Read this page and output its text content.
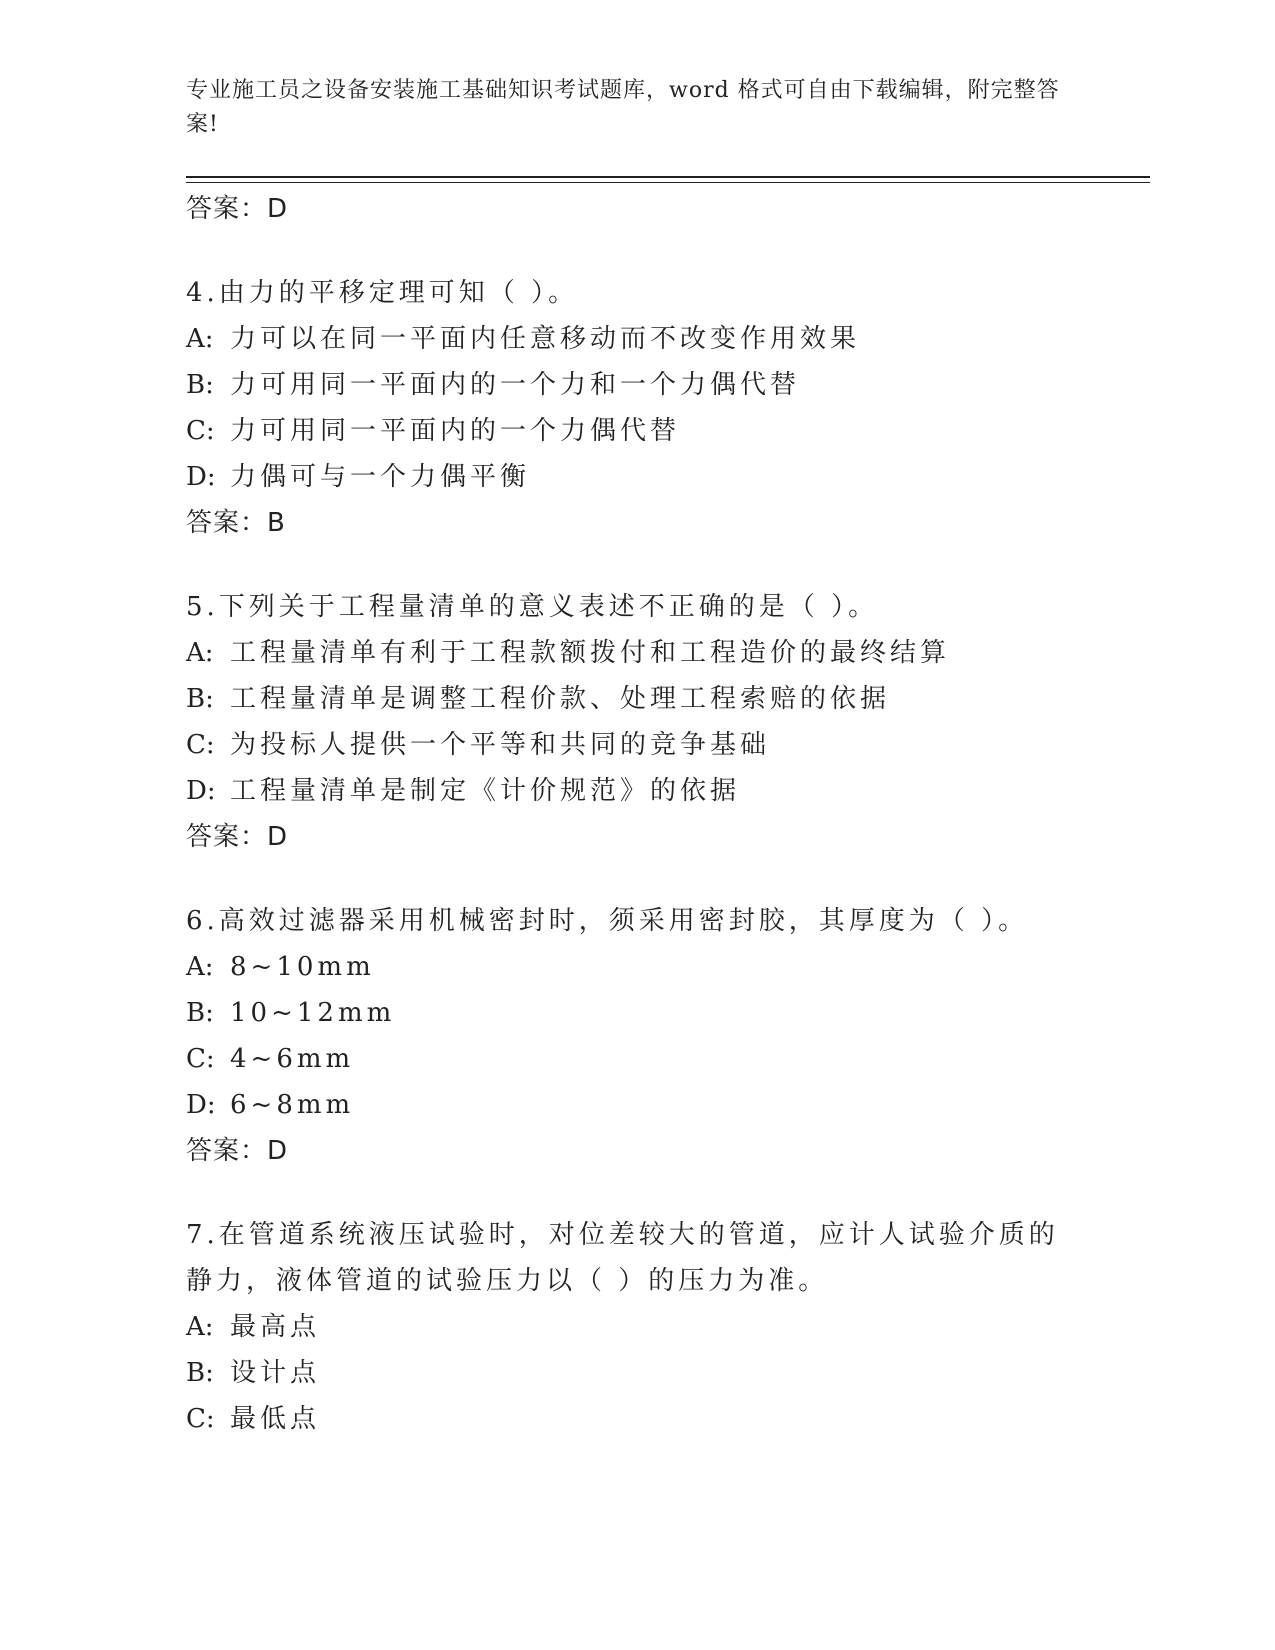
专业施工员之设备安装施工基础知识考试题库，word 格式可自由下载编辑，附完整答案!

答案：D

4.由力的平移定理可知（ ）。

A: 力可以在同一平面内任意移动而不改变作用效果

B: 力可用同一平面内的一个力和一个力偶代替

C: 力可用同一平面内的一个力偶代替

D: 力偶可与一个力偶平衡

答案：B

5.下列关于工程量清单的意义表述不正确的是（ ）。

A: 工程量清单有利于工程款额拨付和工程造价的最终结算

B: 工程量清单是调整工程价款、处理工程索赔的依据

C: 为投标人提供一个平等和共同的竞争基础

D: 工程量清单是制定《计价规范》的依据

答案：D

6.高效过滤器采用机械密封时，须采用密封胶，其厚度为（ ）。

A: 8~10mm

B: 10~12mm

C: 4~6mm

D: 6~8mm

答案：D

7.在管道系统液压试验时，对位差较大的管道，应计人试验介质的静力，液体管道的试验压力以（ ）的压力为准。

A: 最高点

B: 设计点

C: 最低点
